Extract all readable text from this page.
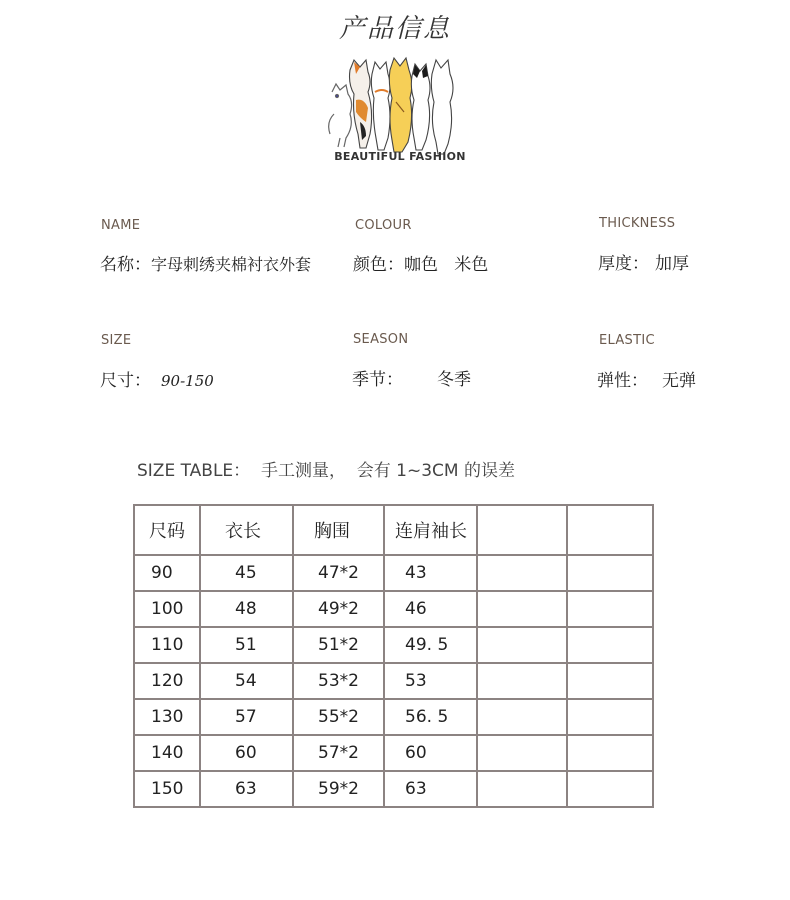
产品信息
BEAUTIFUL FASHION
NAME
名称：字母刺绣夹棉衬衣外套
COLOUR
颜色：咖色   米色
THICKNESS
厚度： 加厚
SIZE
尺寸： 90-150
SEASON
季节： 冬季
ELASTIC
弹性： 无弹
SIZE TABLE：  手工测量，  会有 1~3CM 的误差
尺码	衣长	胸围	连肩袖长		
90	45	47*2	43		
100	48	49*2	46		
110	51	51*2	49. 5		
120	54	53*2	53		
130	57	55*2	56. 5		
140	60	57*2	60		
150	63	59*2	63		
